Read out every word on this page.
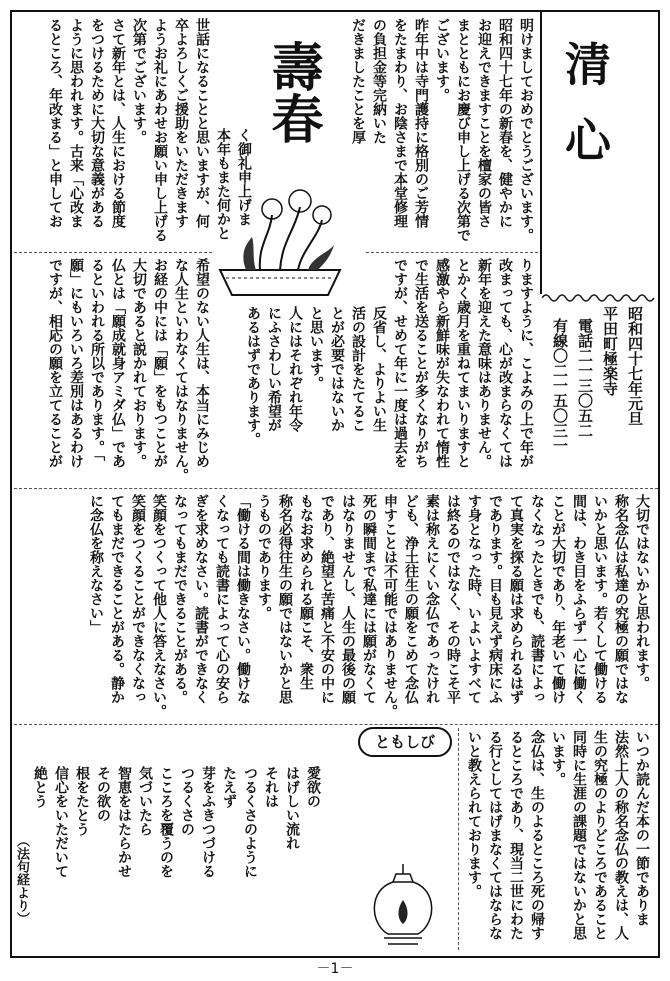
清心
昭和四十七年元旦
平田町極楽寺
電話二一三〇五二
有線〇二一五〇三一
明けましておめでとうございます。
昭和四十七年の新春を、健やかに
お迎えできますことを檀家の皆さ
まとともにお慶び申し上げる次第で
ございます。
昨年中は寺門護持に格別のご芳情
をたまわり、お陰さまで本堂修理
の負担金等完納いた
だきましたことを厚
壽春
く御礼申上げま
本年もまた何かと
世話になることと思いますが、何
卒よろしくご援助をいただきます
ようお礼にあわせお願い申し上げる
次第でございます。
さて新年とは、人生における節度
をつけるために大切な意義がある
ように思われます。古来「心改ま
るところ、年改まる」と申してお
りますように、こよみの上で年が
改まっても、心が改まらなくては
新年を迎えた意味はありません。
とかく歳月を重ねてまいりますと
感激やら新鮮味が失なわれて惰性
で生活を送ることが多くなりがち
ですが、せめて年に一度は過去を
反省し、よりよい生
活の設計をたてるこ
とが必要ではないか
と思います。
人にはそれぞれ年令
にふさわしい希望が
あるはずであります。
希望のない人生は、本当にみじめ
な人生といわなくてはなりません。
お経の中には「願」をもつことが
大切であると説かれております。
仏とは「願成就身アミダ仏」であ
るといわれる所以であります。「
願」にもいろいろ差別はあるわけ
ですが、相応の願を立てることが
大切ではないかと思われます。
称名念仏は私達の究極の願ではな
いかと思います。若くして働ける
間は、わき目をふらず一心に働く
ことが大切であり、年老いて働け
なくなったときでも、読書によっ
て真実を探る願は求められるはず
であります。目も見えず病床にふ
す身となった時、いよいよすべて
は終るのではなく、その時こそ平
素は称えにくい念仏であったけれ
ども、浄土往生の願をこめて念仏
申すことは不可能ではありません。
死の瞬間まで私達には願がなくて
はなりませんし、人生の最後の願
であり、絶望と苦痛と不安の中に
もなお求められる願こそ、衆生
称名必得往生の願ではないかと思
うものであります。
「働ける間は働きなさい。働けな
くなっても読書によって心の安ら
ぎを求めなさい。読書ができなく
なってもまだできることがある。
笑顔をつくって他人に答えなさい。
笑顔をつくることができなくなっ
てもまだできることがある。静か
に念仏を称えなさい」
いつか読んだ本の一節でありま
法然上人の称名念仏の教えは、人
生の究極のよりどころであること
同時に生涯の課題ではないかと思
います。
念仏は、生のよるところ死の帰す
るところであり、現当二世にわた
る行としてはげまなくてはならな
いと教えられております。
ともしび
愛欲の
はげしい流れ
それは
つるくさのように
たえず
芽をふきつづける
つるくさの
こころを覆うのを
気づいたら
智恵をはたらかせ
その欲の
根をたとう
信心をいただいて
絶とう
（法句経より）
－1－
